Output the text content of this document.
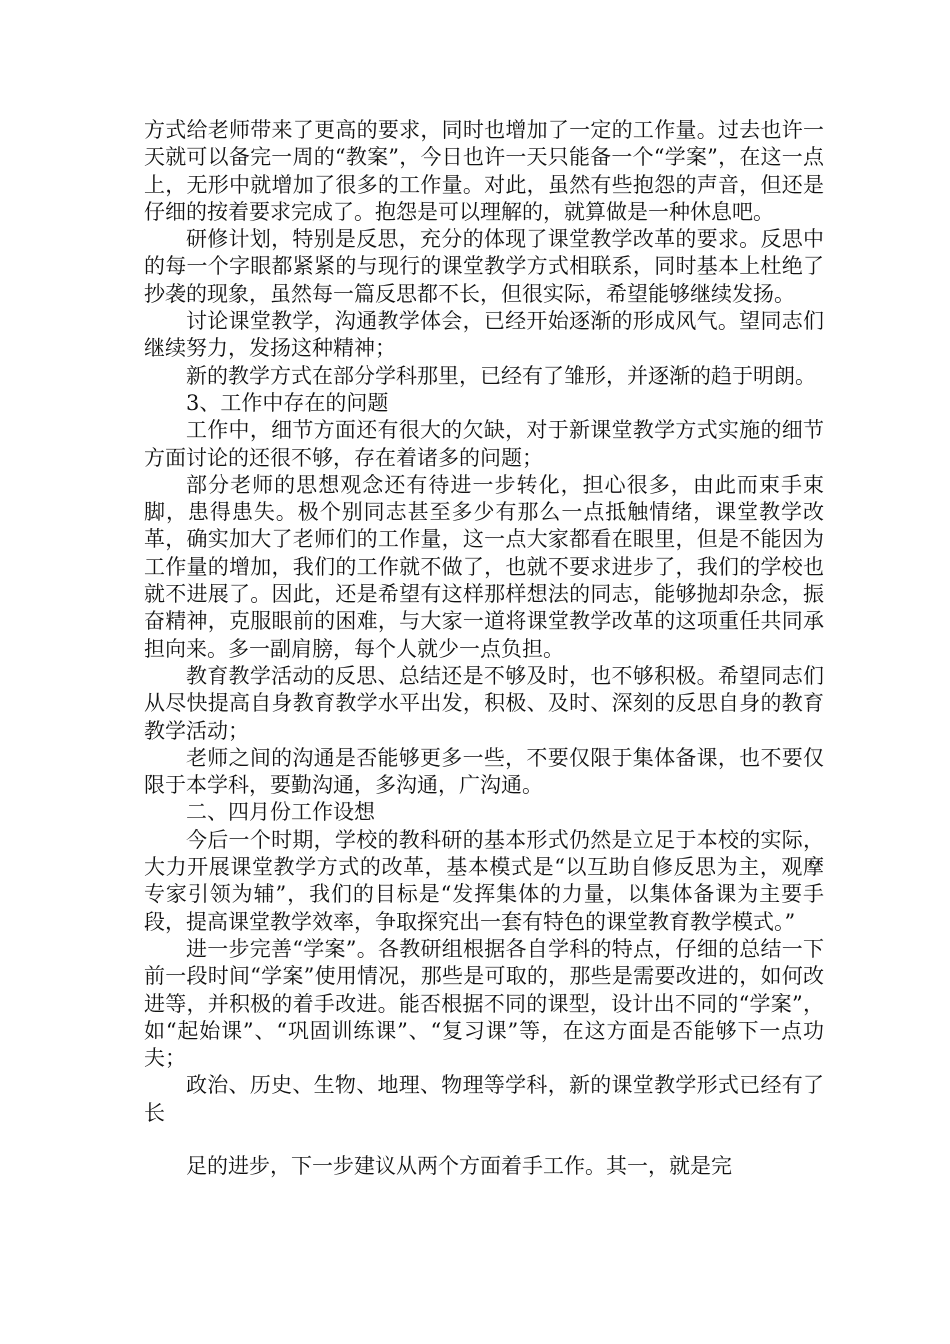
方式给老师带来了更高的要求，同时也增加了一定的工作量。过去也许一天就可以备完一周的“教案”，今日也许一天只能备一个“学案”，在这一点上，无形中就增加了很多的工作量。对此，虽然有些抱怨的声音，但还是仔细的按着要求完成了。抱怨是可以理解的，就算做是一种休息吧。

研修计划，特别是反思，充分的体现了课堂教学改革的要求。反思中的每一个字眼都紧紧的与现行的课堂教学方式相联系，同时基本上杜绝了抄袭的现象，虽然每一篇反思都不长，但很实际，希望能够继续发扬。

讨论课堂教学，沟通教学体会，已经开始逐渐的形成风气。望同志们继续努力，发扬这种精神；

新的教学方式在部分学科那里，已经有了雏形，并逐渐的趋于明朗。

3、工作中存在的问题

工作中，细节方面还有很大的欠缺，对于新课堂教学方式实施的细节方面讨论的还很不够，存在着诸多的问题；

部分老师的思想观念还有待进一步转化，担心很多，由此而束手束脚，患得患失。极个别同志甚至多少有那么一点抵触情绪，课堂教学改革，确实加大了老师们的工作量，这一点大家都看在眼里，但是不能因为工作量的增加，我们的工作就不做了，也就不要求进步了，我们的学校也就不进展了。因此，还是希望有这样那样想法的同志，能够抛却杂念，振奋精神，克服眼前的困难，与大家一道将课堂教学改革的这项重任共同承担向来。多一副肩膀，每个人就少一点负担。

教育教学活动的反思、总结还是不够及时，也不够积极。希望同志们从尽快提高自身教育教学水平出发，积极、及时、深刻的反思自身的教育教学活动；

老师之间的沟通是否能够更多一些，不要仅限于集体备课，也不要仅限于本学科，要勤沟通，多沟通，广沟通。

二、四月份工作设想

今后一个时期，学校的教科研的基本形式仍然是立足于本校的实际，大力开展课堂教学方式的改革，基本模式是“以互助自修反思为主，观摩专家引领为辅”，我们的目标是“发挥集体的力量，以集体备课为主要手段，提高课堂教学效率，争取探究出一套有特色的课堂教育教学模式。”

进一步完善“学案”。各教研组根据各自学科的特点，仔细的总结一下前一段时间“学案”使用情况，那些是可取的，那些是需要改进的，如何改进等，并积极的着手改进。能否根据不同的课型，设计出不同的“学案”，如“起始课”、“巩固训练课”、“复习课”等，在这方面是否能够下一点功夫；

政治、历史、生物、地理、物理等学科，新的课堂教学形式已经有了长

足的进步，下一步建议从两个方面着手工作。其一，就是完
